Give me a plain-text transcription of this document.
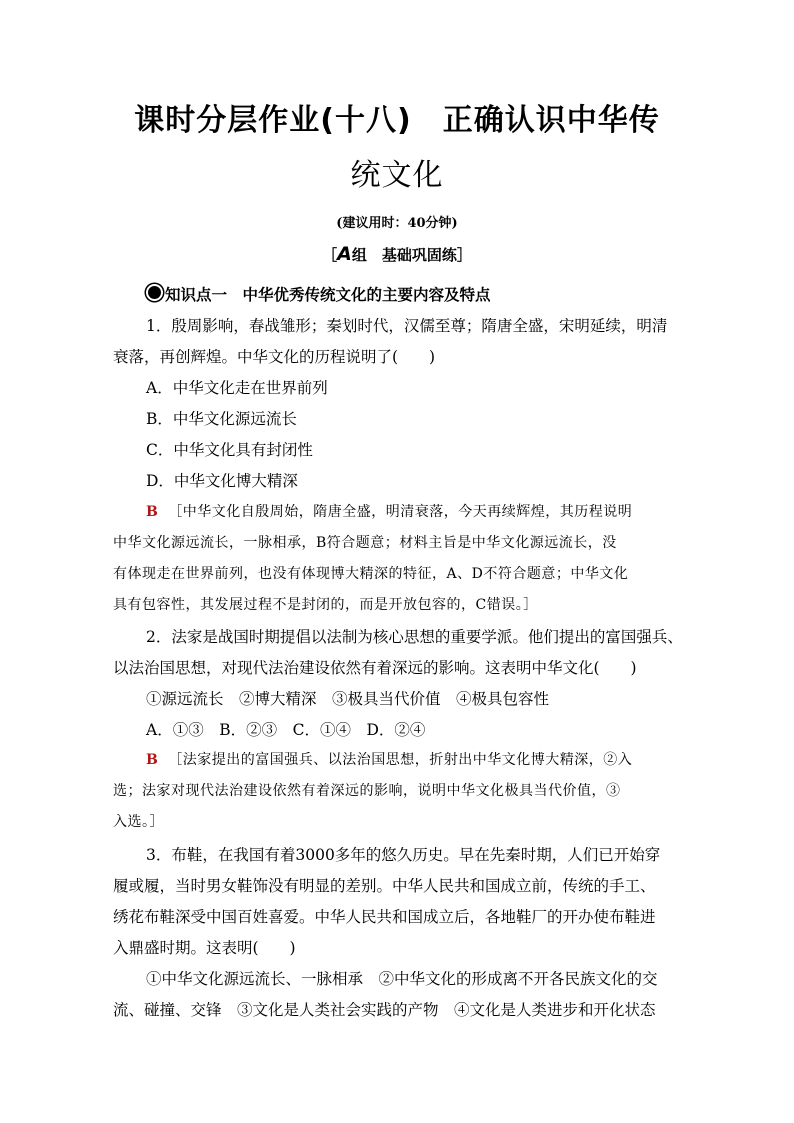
课时分层作业(十八)　正确认识中华传
统文化
(建议用时：40分钟)
［A组　基础巩固练］
知识点一　中华优秀传统文化的主要内容及特点
1．殷周影响，春战雏形；秦划时代，汉儒至尊；隋唐全盛，宋明延续，明清
衰落，再创辉煌。中华文化的历程说明了(　　)
A．中华文化走在世界前列
B．中华文化源远流长
C．中华文化具有封闭性
D．中华文化博大精深
B ［中华文化自殷周始，隋唐全盛，明清衰落，今天再续辉煌，其历程说明
中华文化源远流长，一脉相承，B符合题意；材料主旨是中华文化源远流长，没
有体现走在世界前列，也没有体现博大精深的特征，A、D不符合题意；中华文化
具有包容性，其发展过程不是封闭的，而是开放包容的，C错误。］
2．法家是战国时期提倡以法制为核心思想的重要学派。他们提出的富国强兵、
以法治国思想，对现代法治建设依然有着深远的影响。这表明中华文化(　　)
①源远流长　②博大精深　③极具当代价值　④极具包容性
A．①③　B．②③　C．①④　D．②④
B ［法家提出的富国强兵、以法治国思想，折射出中华文化博大精深，②入
选；法家对现代法治建设依然有着深远的影响，说明中华文化极具当代价值，③
入选。］
3．布鞋，在我国有着3000多年的悠久历史。早在先秦时期，人们已开始穿
履或履，当时男女鞋饰没有明显的差别。中华人民共和国成立前，传统的手工、
绣花布鞋深受中国百姓喜爱。中华人民共和国成立后，各地鞋厂的开办使布鞋进
入鼎盛时期。这表明(　　)
①中华文化源远流长、一脉相承　②中华文化的形成离不开各民族文化的交
流、碰撞、交锋　③文化是人类社会实践的产物　④文化是人类进步和开化状态
